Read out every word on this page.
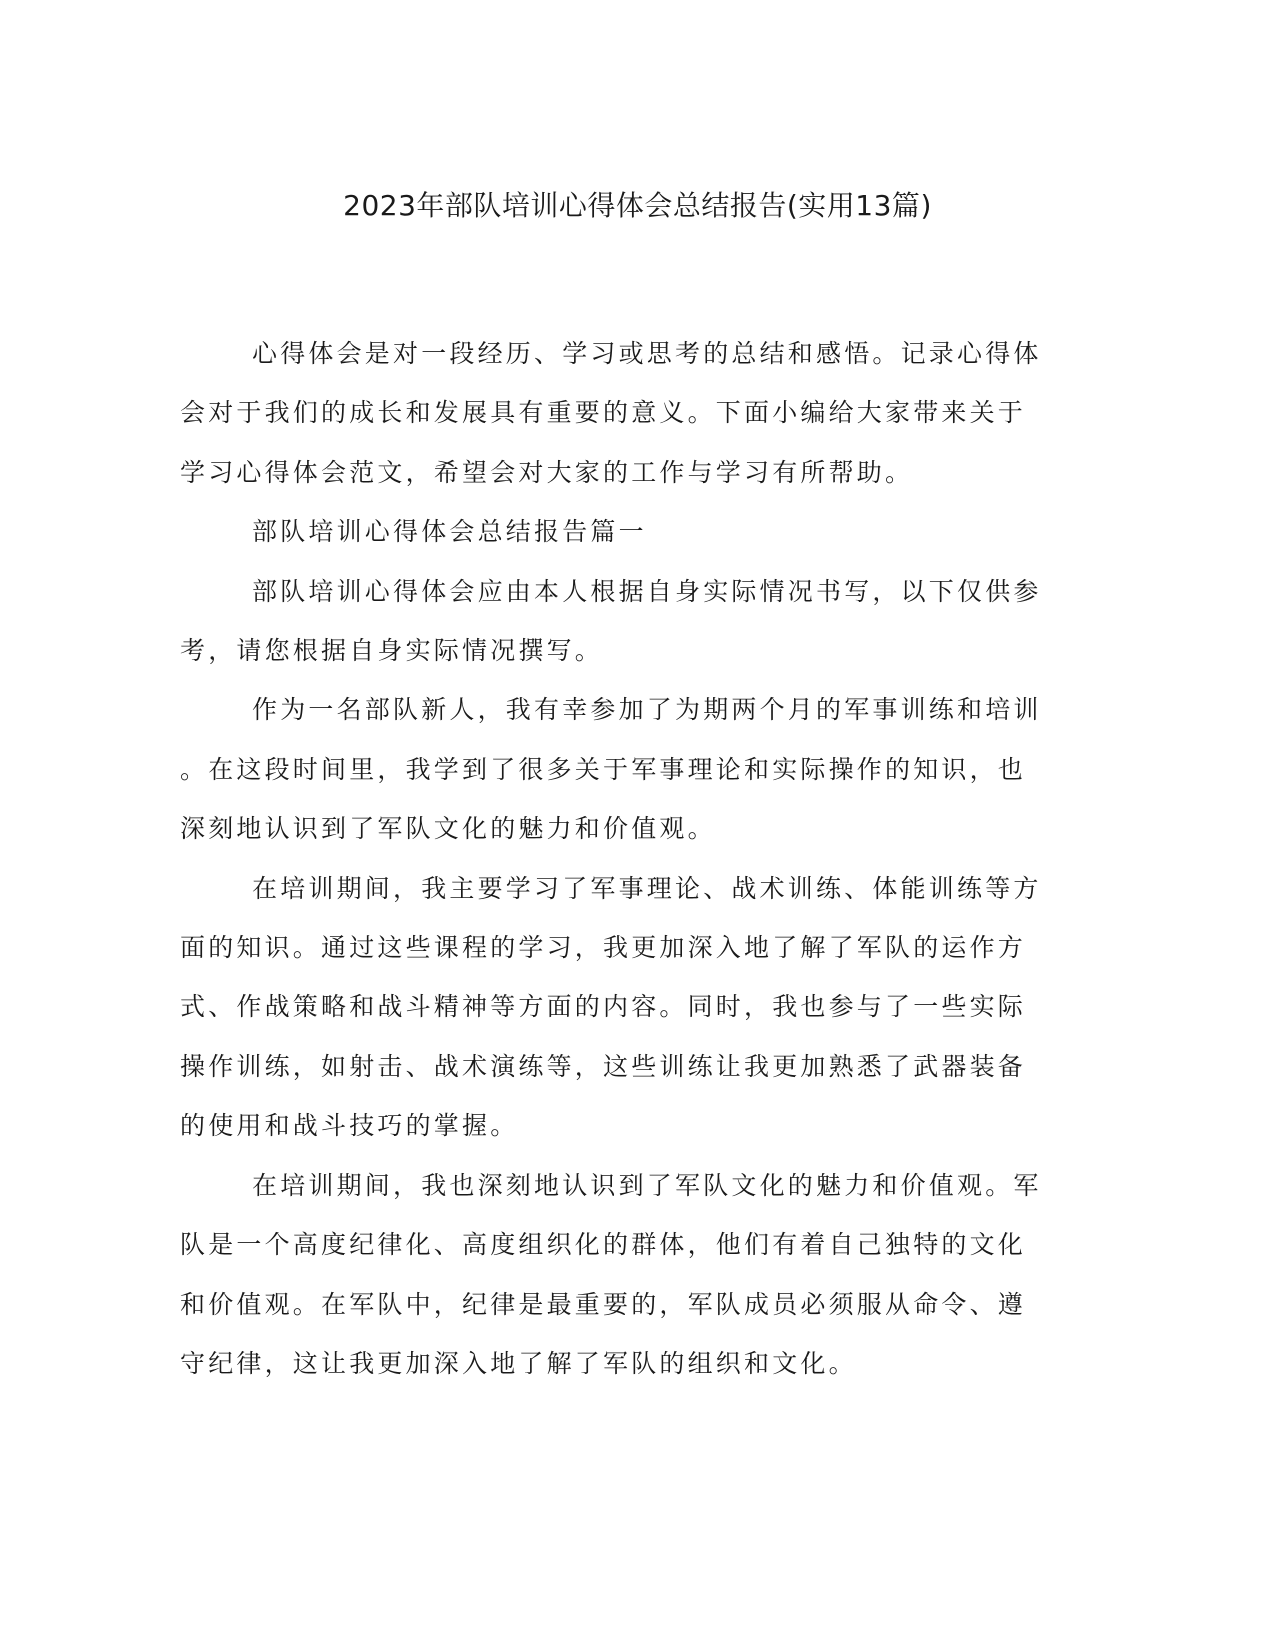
2023年部队培训心得体会总结报告(实用13篇)

心得体会是对一段经历、学习或思考的总结和感悟。记录心得体
会对于我们的成长和发展具有重要的意义。下面小编给大家带来关于
学习心得体会范文，希望会对大家的工作与学习有所帮助。

部队培训心得体会总结报告篇一

部队培训心得体会应由本人根据自身实际情况书写，以下仅供参
考，请您根据自身实际情况撰写。

作为一名部队新人，我有幸参加了为期两个月的军事训练和培训
。在这段时间里，我学到了很多关于军事理论和实际操作的知识，也
深刻地认识到了军队文化的魅力和价值观。

在培训期间，我主要学习了军事理论、战术训练、体能训练等方
面的知识。通过这些课程的学习，我更加深入地了解了军队的运作方
式、作战策略和战斗精神等方面的内容。同时，我也参与了一些实际
操作训练，如射击、战术演练等，这些训练让我更加熟悉了武器装备
的使用和战斗技巧的掌握。

在培训期间，我也深刻地认识到了军队文化的魅力和价值观。军
队是一个高度纪律化、高度组织化的群体，他们有着自己独特的文化
和价值观。在军队中，纪律是最重要的，军队成员必须服从命令、遵
守纪律，这让我更加深入地了解了军队的组织和文化。
